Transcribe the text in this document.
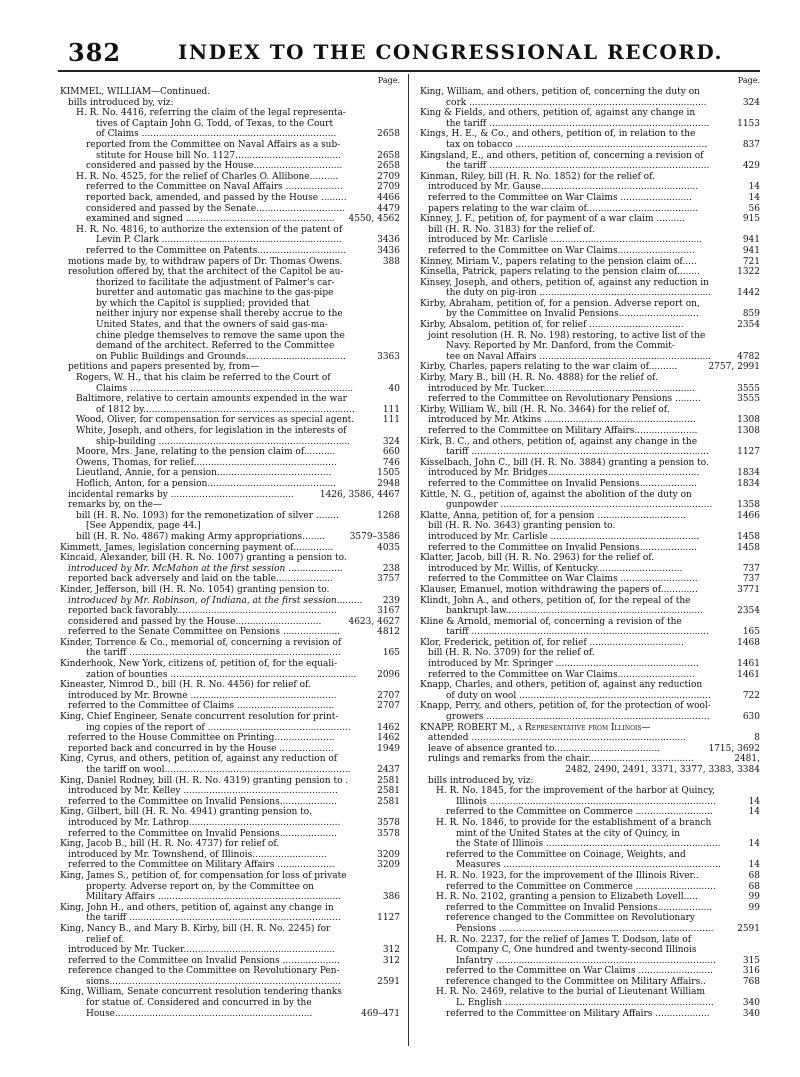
382	INDEX TO THE CONGRESSIONAL RECORD.
Page.
KIMMEL, WILLIAM—Continued.
bills introduced by, viz:
H. R. No. 4416, referring the claim of the legal representa-
tives of Captain John G. Todd, of Texas, to the Court
of Claims ....................................................................	2658
reported from the Committee on Naval Affairs as a sub-
stitute for House bill No. 1127.....................................	2658
considered and passed by the House...............................	2658
H. R. No. 4525, for the relief of Charles O. Allibone..........	2709
referred to the Committee on Naval Affairs ....................	2709
reported back, amended, and passed by the House .........	4466
considered and passed by the Senate...............................	4479
examined and signed .................................................... 4550, 4562
H. R. No. 4816, to authorize the extension of the patent of
Levin P. Clark ...............................................................	3436
referred to the Committee on Patents...............................	3436
motions made by, to withdraw papers of Dr. Thomas Owens.	388
resolution offered by, that the architect of the Capitol be au-
thorized to facilitate the adjustment of Palmer's car-
buretter and automatic gas machine to the gas-pipe
by which the Capitol is supplied; provided that
neither injury nor expense shall thereby accrue to the
United States, and that the owners of said gas-ma-
chine pledge themselves to remove the same upon the
demand of the architect. Referred to the Committee
on Public Buildings and Grounds...................................	3363
petitions and papers presented by, from—
Rogers, W. H., that his claim be referred to the Court of
Claims ..............................................................................	40
Baltimore, relative to certain amounts expended in the war
of 1812 by..........................................................................	111
Wood, Oliver, for compensation for services as special agent.	111
White, Joseph, and others, for legislation in the interests of
ship-building ...................................................................	324
Moore, Mrs. Jane, relating to the pension claim of...........	660
Owens, Thomas, for relief..................................................	746
Lieutland, Annie, for a pension........................................	1505
Hoflich, Anton, for a pension.............................................	2948
incidental remarks by ...........................................	1426, 3586, 4467
remarks by, on the—
bill (H. R. No. 1093) for the remonetization of silver ........	1268
[See Appendix, page 44.]
bill (H. R. No. 4867) making Army appropriations........	3579–3586
Kimmett, James, legislation concerning payment of..............	4035
Kincaid, Alexander, bill (H. R. No. 1007) granting a pension to.
introduced by Mr. McMahon at the first session ...................	238
reported back adversely and laid on the table....................	3757
Kinder, Jefferson, bill (H. R. No. 1054) granting pension to.
introduced by Mr. Robinson, of Indiana, at the first session......... 239
reported back favorably........................................................	3167
considered and passed by the House..............................	4623, 4627
referred to the Senate Committee on Pensions ....................	4812
Kinder, Torrence & Co., memorial of, concerning a revision of
the tariff ..........................................................................	165
Kinderhook, New York, citizens of, petition of, for the equali-
zation of bounties ................................................................. 2096
Kineaster, Nimrod D., bill (H. R. No. 4456) for relief of.
introduced by Mr. Browne ...................................................	2707
referred to the Committee of Claims ..................................	2707
King, Chief Engineer, Senate concurrent resolution for print-
ing copies of the report of ..................................................	1462
referred to the House Committee on Printing.....................	1462
reported back and concurred in by the House ...................	1949
King, Cyrus, and others, petition of, against any reduction of
the tariff on wool.................................................................	2437
King, Daniel Rodney, bill (H. R. No. 4319) granting pension to .	2581
introduced by Mr. Kelley ......................................................	2581
referred to the Committee on Invalid Pensions....................	2581
King, Gilbert, bill (H. R. No. 4941) granting pension to.
introduced by Mr. Lathrop.....................................................	3578
referred to the Committee on Invalid Pensions....................	3578
King, Jacob B., bill (H. R. No. 4737) for relief of.
introduced by Mr. Townshend, of Illinois..........................	3209
referred to the Committee on Military Affairs ....................	3209
King, James S., petition of, for compensation for loss of private
property. Adverse report on, by the Committee on
Military Affairs ................................................................	386
King, John H., and others, petition of, against any change in
the tariff ..........................................................................	1127
King, Nancy B., and Mary B. Kirby, bill (H. R. No. 2245) for
relief of.
introduced by Mr. Tucker.....................................................	312
referred to the Committee on Invalid Pensions ....................	312
reference changed to the Committee on Revolutionary Pen-
sions.................................................................................	2591
King, William, Senate concurrent resolution tendering thanks
for statue of. Considered and concurred in by the
House.....................................................................	469–471
Page.
King, William, and others, petition of, concerning the duty on
cork ...................................................................................	324
King & Fields, and others, petition of, against any change in
the tariff .............................................................................	1153
Kings, H. E., & Co., and others, petition of, in relation to the
tax on tobacco ...................................................................	837
Kingsland, E., and others, petition of, concerning a revision of
the tariff .............................................................................	429
Kinman, Riley, bill (H. R. No. 1852) for the relief of.
introduced by Mr. Gause.......................................................	14
referred to the Committee on War Claims .........................	14
papers relating to the war claim of.......................................	56
Kinney, J. F., petition of, for payment of a war claim ..........	915
bill (H. R. No. 3183) for the relief of.
introduced by Mr. Carlisle .....................................................	941
referred to the Committee on War Claims...........................	941
Kinney, Miriam V., papers relating to the pension claim of.....	721
Kinsella, Patrick, papers relating to the pension claim of........	1322
Kinsey, Joseph, and others, petition of, against any reduction in
the duty on pig-iron ............................................................	1442
Kirby, Abraham, petition of, for a pension. Adverse report on,
by the Committee on Invalid Pensions............................	859
Kirby, Absalom, petition of, for relief .................................	2354
joint resolution (H. R. No. 198) restoring, to active list of the
Navy. Reported by Mr. Danford, from the Commit-
tee on Naval Affairs ............................................................	4782
Kirby, Charles, papers relating to the war claim of..........	2757, 2991
Kirby, Mary B., bill (H. R. No. 4888) for the relief of.
introduced by Mr. Tucker.....................................................	3555
referred to the Committee on Revolutionary Pensions .........	3555
Kirby, William W., bill (H. R. No. 3464) for the relief of.
introduced by Mr. Atkins .....................................................	1308
referred to the Committee on Military Affairs......................	1308
Kirk, B. C., and others, petition of, against any change in the
tariff ...................................................................................	1127
Kisselbach, John C., bill (H. R. No. 3884) granting a pension to.
introduced by Mr. Bridges.....................................................	1834
referred to the Committee on Invalid Pensions....................	1834
Kittle, N. G., petition of, against the abolition of the duty on
gunpowder ..........................................................................	1358
Klatte, Anna, petition of, for a pension ...............................	1466
bill (H. R. No. 3643) granting pension to.
introduced by Mr. Carlisle ....................................................	1458
referred to the Committee on Invalid Pensions....................	1458
Klatter, Jacob, bill (H. R. No. 2963) for the relief of.
introduced by Mr. Willis, of Kentucky..............................	737
referred to the Committee on War Claims ...........................	737
Klauser, Emanuel, motion withdrawing the papers of.............	3771
Klindt, John A., and others, petition of, for the repeal of the
bankrupt law.....................................................................	2354
Kline & Arnold, memorial of, concerning a revision of the
tariff ...................................................................................	165
Klor, Frederick, petition of, for relief .................................	1468
bill (H. R. No. 3709) for the relief of.
introduced by Mr. Springer ..................................................	1461
referred to the Committee on War Claims...........................	1461
Knapp, Charles, and others, petition of, against any reduction
of duty on wool ...................................................................	722
Knapp, Perry, and others, petition of, for the protection of wool-
growers ..............................................................................	630
KNAPP, ROBERT M., a Representative from Illinois—
attended ...........................................................................	8
leave of absence granted to.....................................	1715, 3692
rulings and remarks from the chair.....................................	2481,
2482, 2490, 2491, 3371, 3377, 3383, 3384
bills introduced by, viz:
H. R. No. 1845, for the improvement of the harbor at Quincy,
Illinois ...............................................................................	14
referred to the Committee on Commerce ...........................	14
H. R. No. 1846, to provide for the establishment of a branch
mint of the United States at the city of Quincy, in
the State of Illinois .............................................................	14
referred to the Committee on Coinage, Weights, and
Measures ............................................................................	14
H. R. No. 1923, for the improvement of the Illinois River..	68
referred to the Committee on Commerce ............................	68
H. R. No. 2102, granting a pension to Elizabeth Lovell.....	99
referred to the Committee on Invalid Pensions...................	99
reference changed to the Committee on Revolutionary
Pensions ...........................................................................	2591
H. R. No. 2237, for the relief of James T. Dodson, late of
Company C, One hundred and twenty-second Illinois
Infantry .............................................................................	315
referred to the Committee on War Claims ..........................	316
reference changed to the Committee on Military Affairs..	768
H. R. No. 2469, relative to the burial of Lieutenant William
L. English .........................................................................	340
referred to the Committee on Military Affairs ...................	340
